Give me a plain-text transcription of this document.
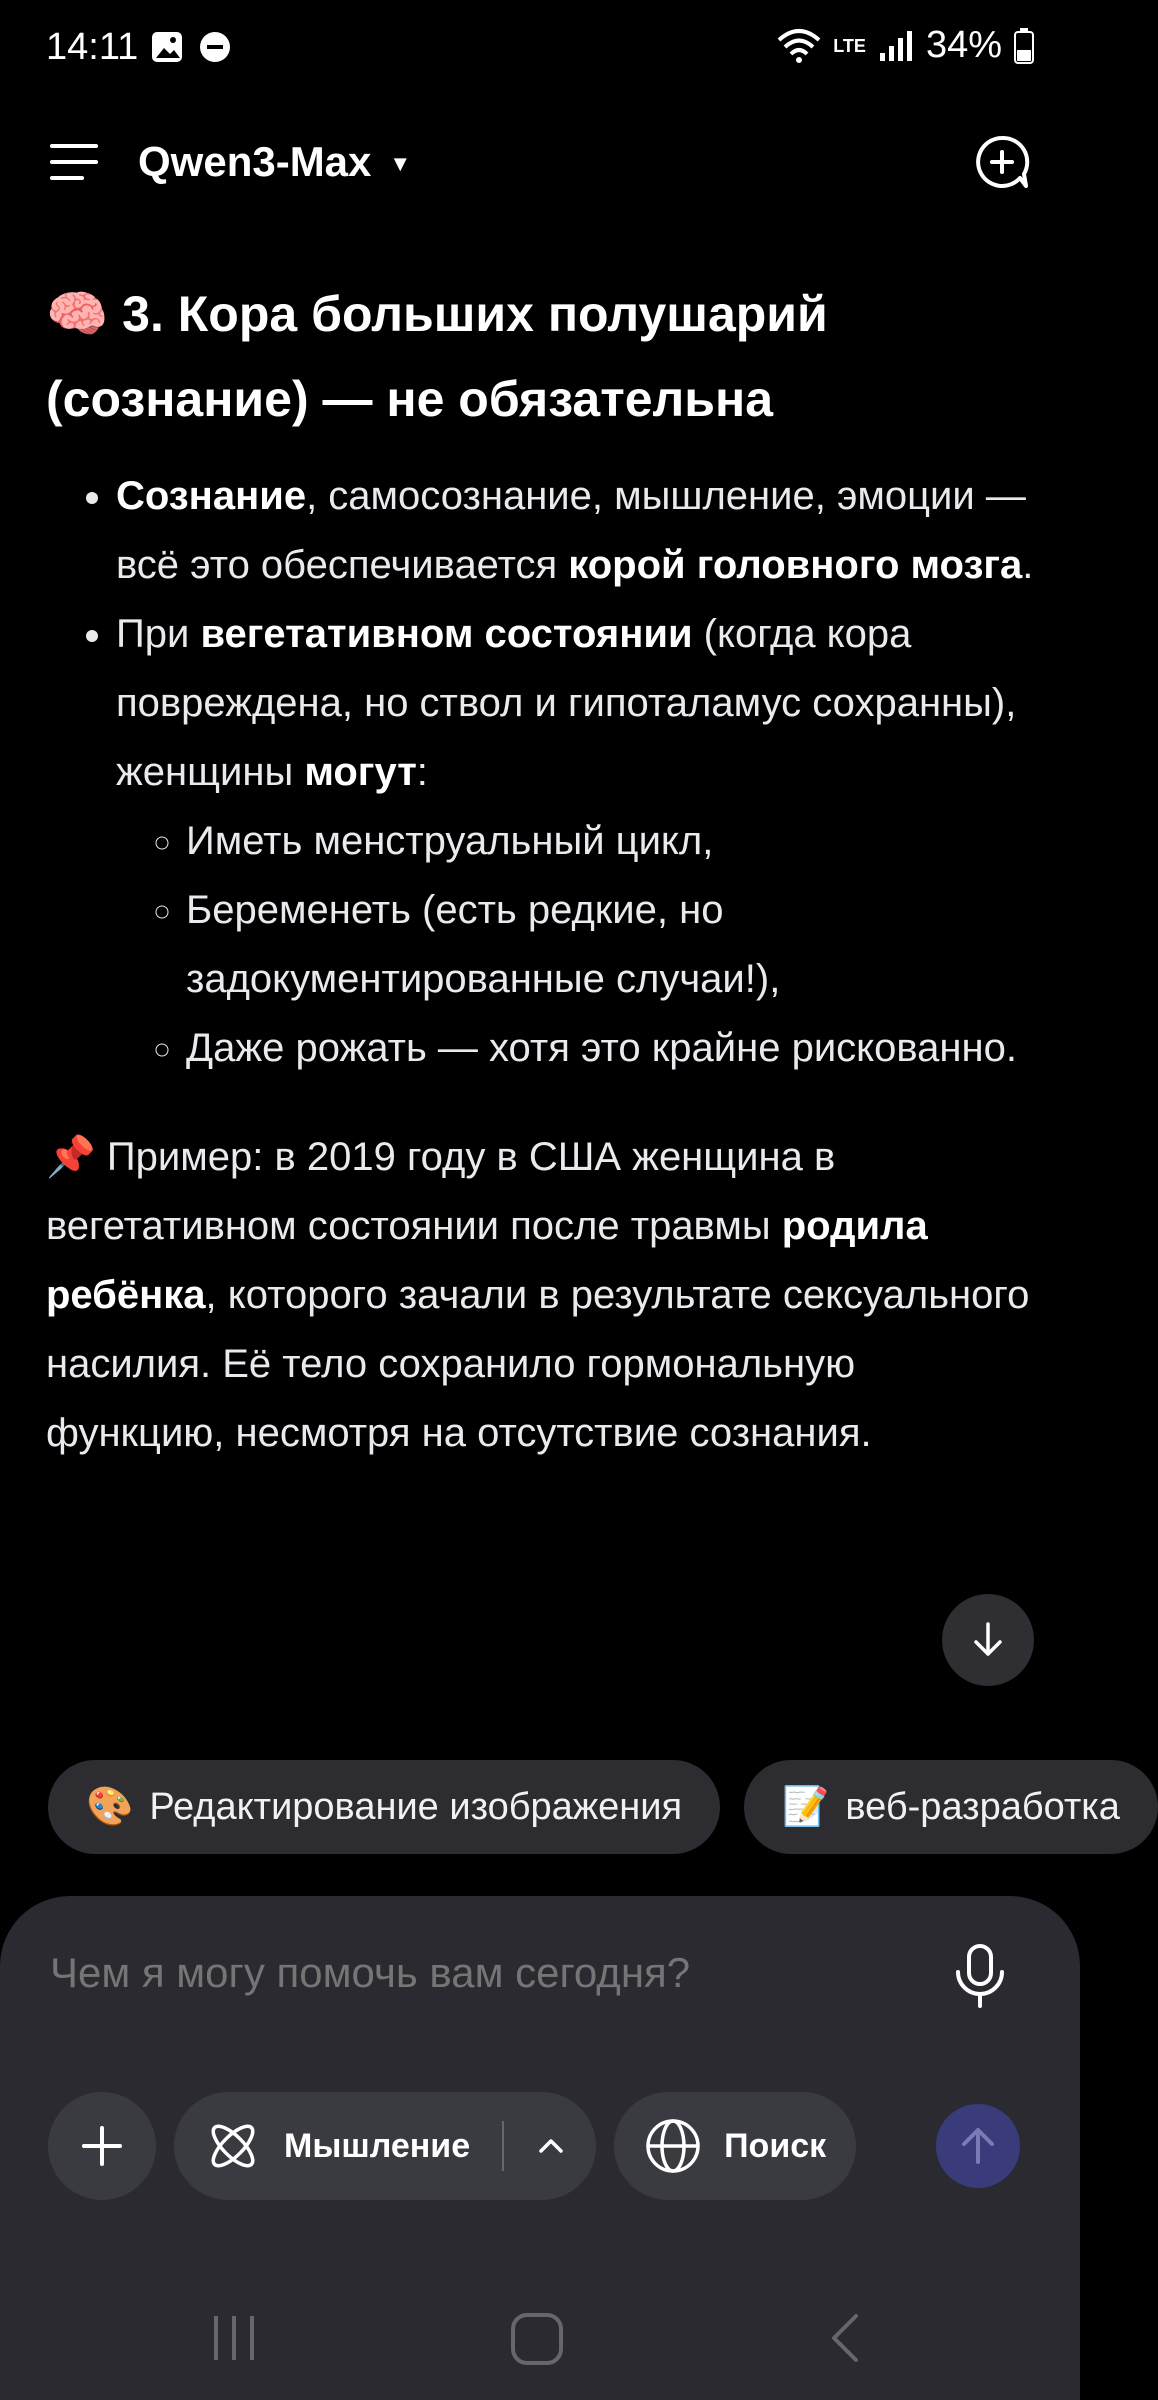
14:11	LTE 34%
Qwen3-Max ▼
🧠 3. Кора больших полушарий (сознание) — не обязательна
• Сознание, самосознание, мышление, эмоции — всё это обеспечивается корой головного мозга.
• При вегетативном состоянии (когда кора повреждена, но ствол и гипоталамус сохранны), женщины могут:
◦ Иметь менструальный цикл,
◦ Беременеть (есть редкие, но задокументированные случаи!),
◦ Даже рожать — хотя это крайне рискованно.

📌 Пример: в 2019 году в США женщина в вегетативном состоянии после травмы родила ребёнка, которого зачали в результате сексуального насилия. Её тело сохранило гормональную функцию, несмотря на отсутствие сознания.

🎨 Редактирование изображения	📝 веб-разработка
Чем я могу помочь вам сегодня?
Мышление	Поиск
